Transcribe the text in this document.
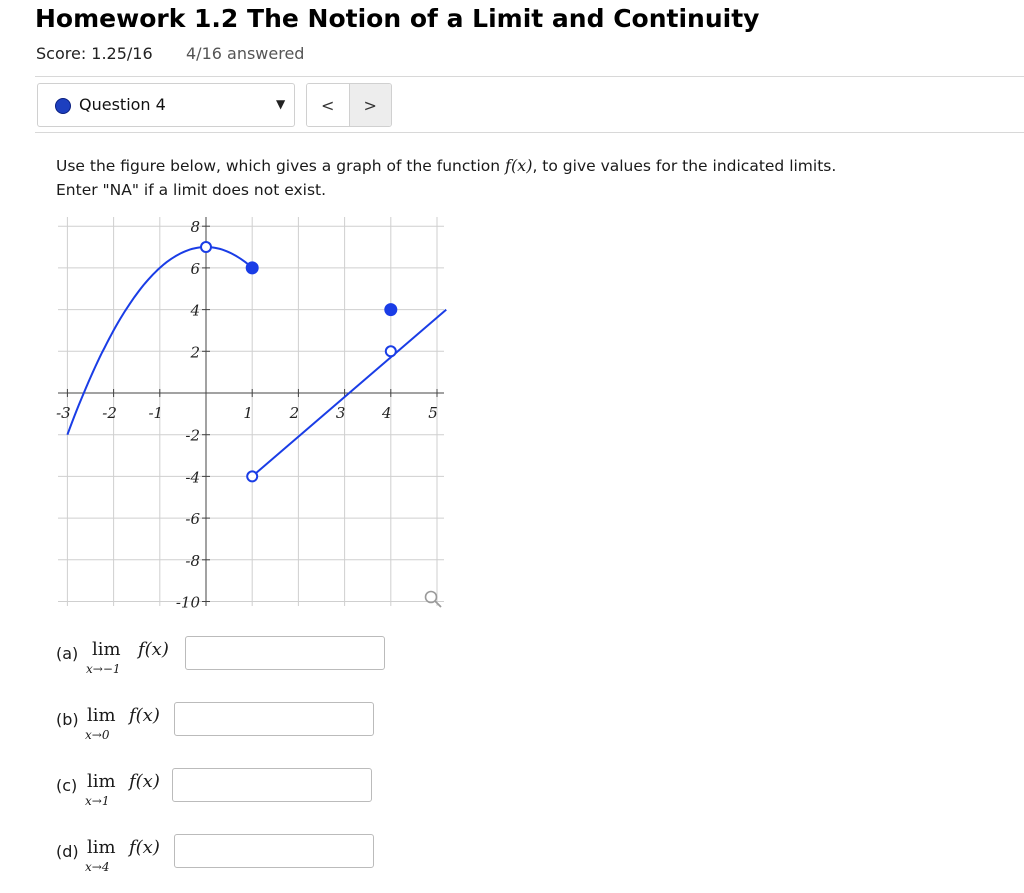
Homework 1.2 The Notion of a Limit and Continuity
Score: 1.25/16 4/16 answered
Question 4	▼	<	>
Use the figure below, which gives a graph of the function f(x), to give values for the indicated limits.
Enter "NA" if a limit does not exist.
-3 -2 -1	1 2 3 4 5
-10
-8
-6
-4
-2
2
4
6
8
(a) lim
x→−1
f(x)
(b) lim
x→0
f(x)
(c) lim
x→1
f(x)
(d) lim
x→4
f(x)
